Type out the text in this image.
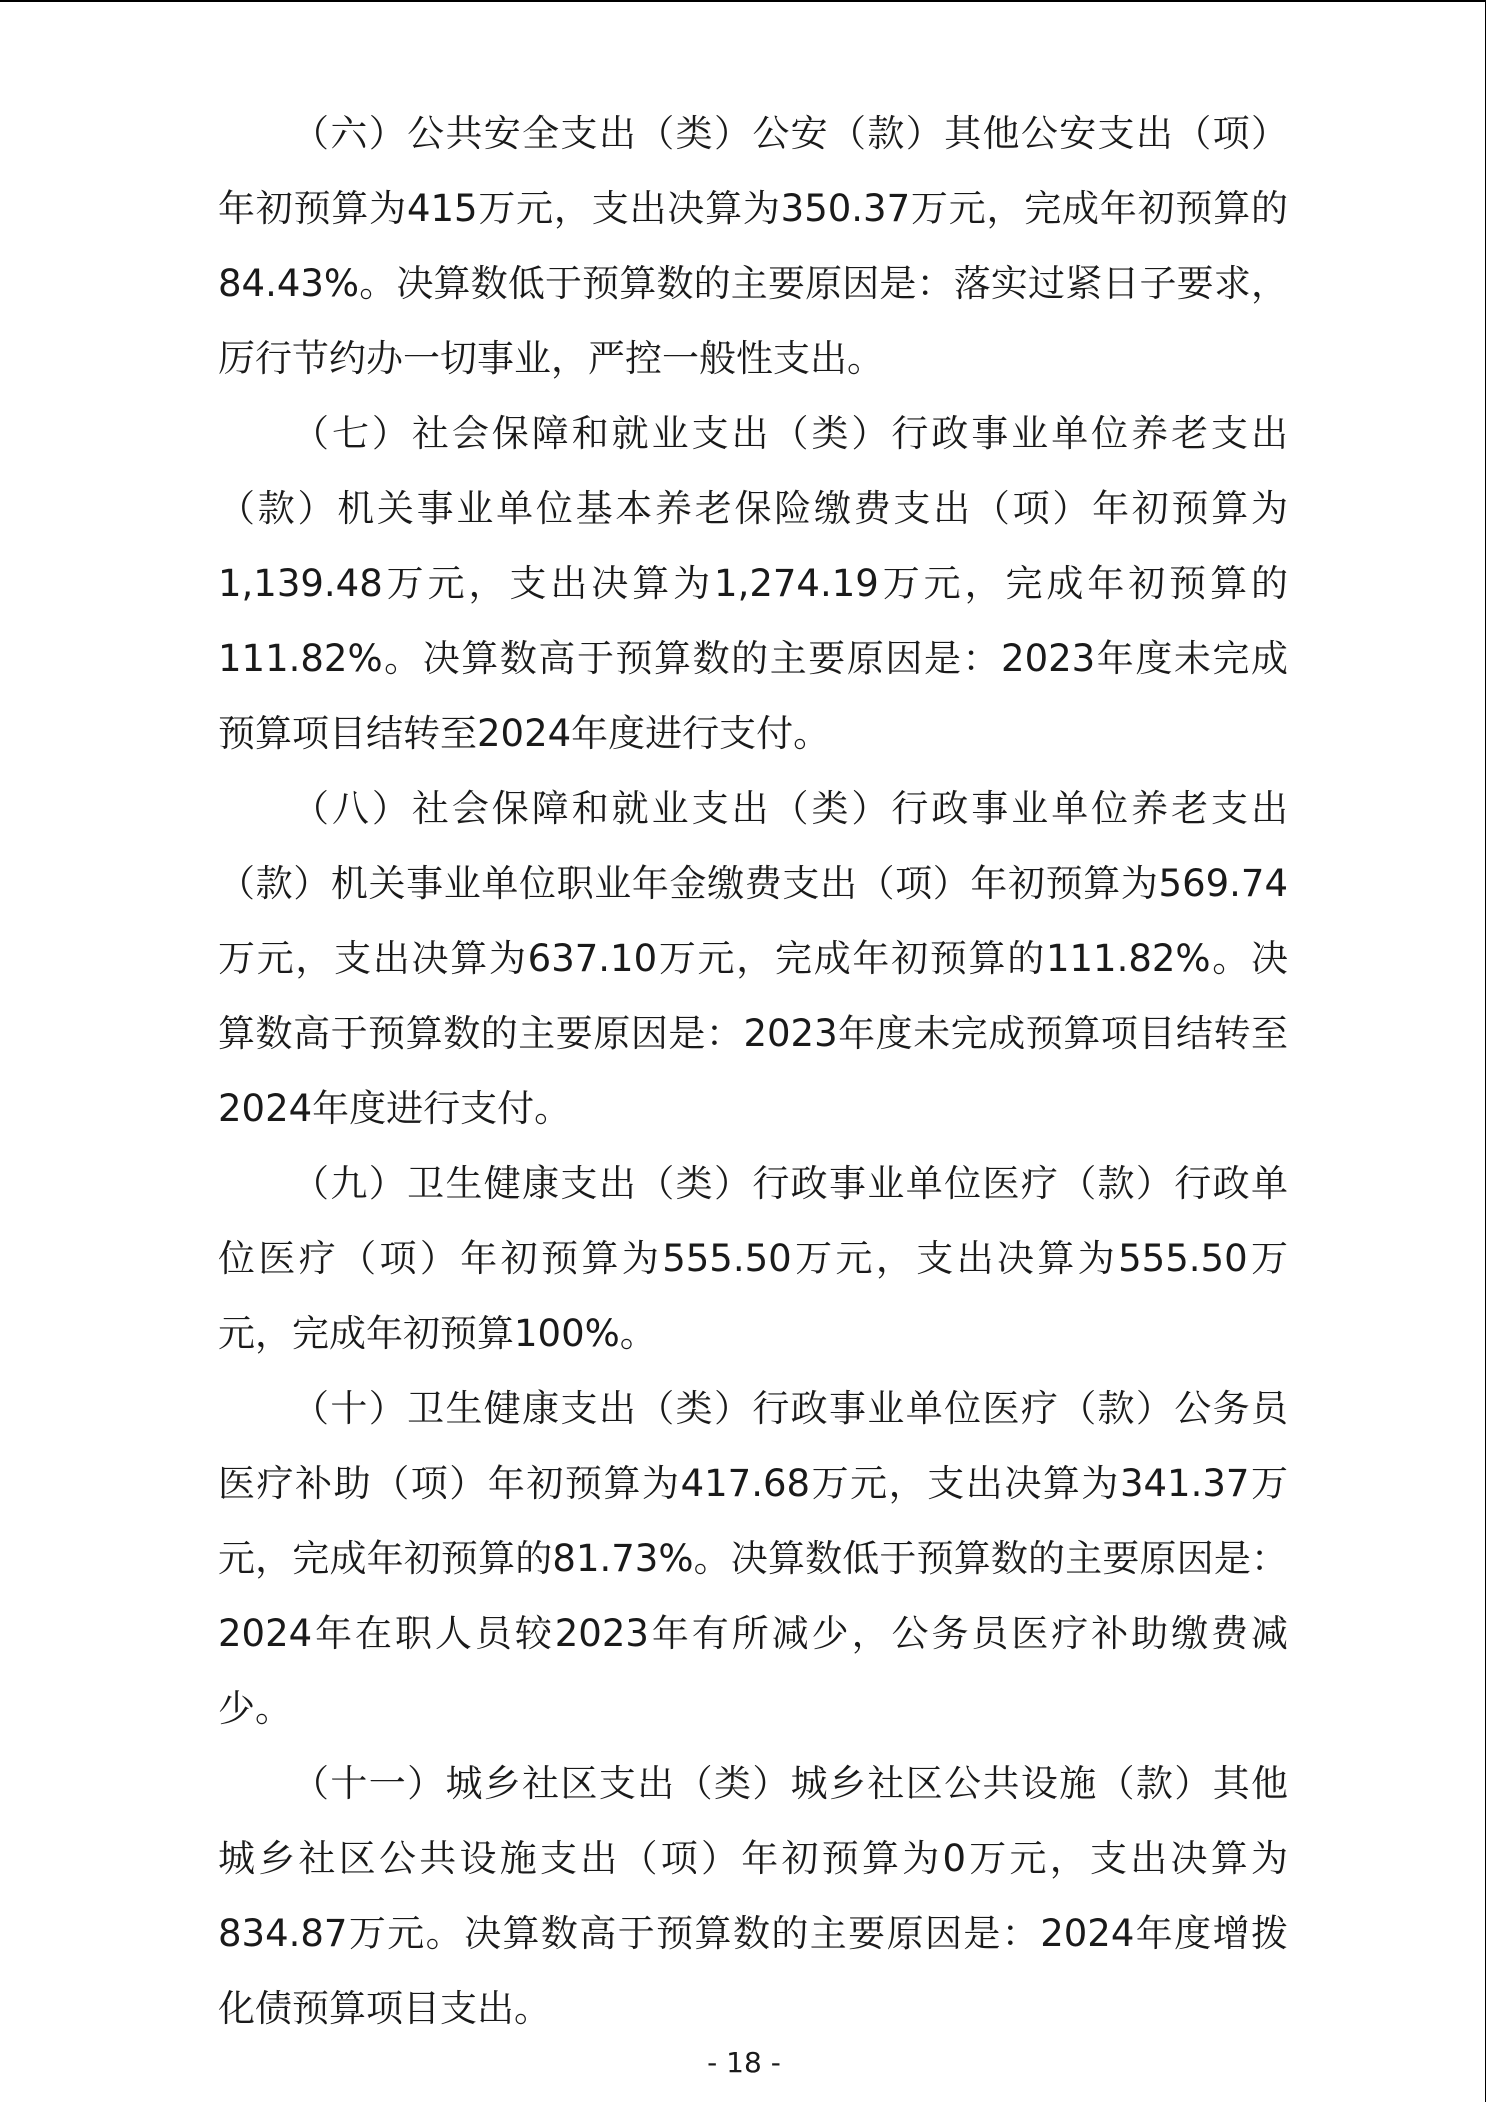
（六）公共安全支出（类）公安（款）其他公安支出（项）年初预算为415万元，支出决算为350.37万元，完成年初预算的84.43%。决算数低于预算数的主要原因是：落实过紧日子要求，厉行节约办一切事业，严控一般性支出。

（七）社会保障和就业支出（类）行政事业单位养老支出（款）机关事业单位基本养老保险缴费支出（项）年初预算为1,139.48万元，支出决算为1,274.19万元，完成年初预算的111.82%。决算数高于预算数的主要原因是：2023年度未完成预算项目结转至2024年度进行支付。

（八）社会保障和就业支出（类）行政事业单位养老支出（款）机关事业单位职业年金缴费支出（项）年初预算为569.74万元，支出决算为637.10万元，完成年初预算的111.82%。决算数高于预算数的主要原因是：2023年度未完成预算项目结转至2024年度进行支付。

（九）卫生健康支出（类）行政事业单位医疗（款）行政单位医疗（项）年初预算为555.50万元，支出决算为555.50万元，完成年初预算100%。

（十）卫生健康支出（类）行政事业单位医疗（款）公务员医疗补助（项）年初预算为417.68万元，支出决算为341.37万元，完成年初预算的81.73%。决算数低于预算数的主要原因是：2024年在职人员较2023年有所减少，公务员医疗补助缴费减少。

（十一）城乡社区支出（类）城乡社区公共设施（款）其他城乡社区公共设施支出（项）年初预算为0万元，支出决算为834.87万元。决算数高于预算数的主要原因是：2024年度增拨化债预算项目支出。

- 18 -
